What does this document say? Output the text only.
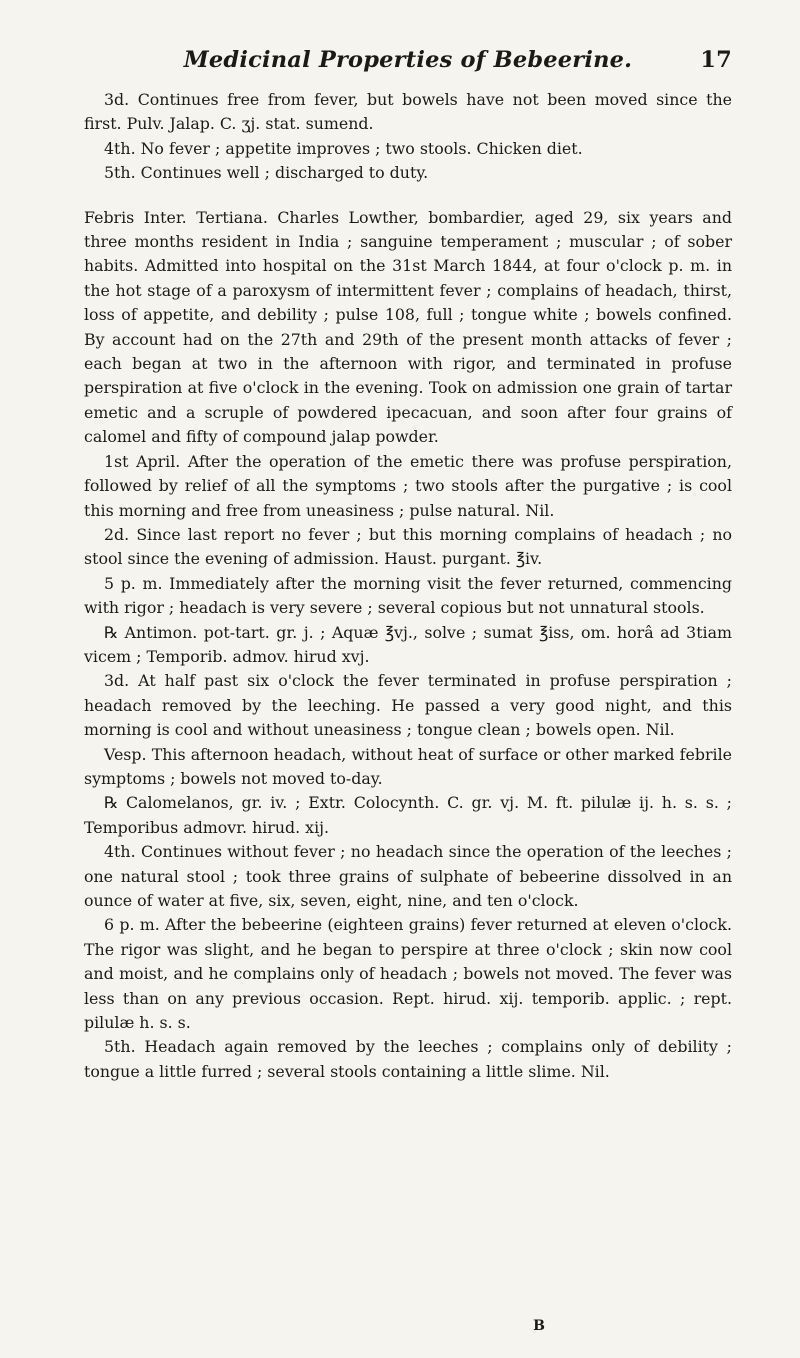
Medicinal Properties of Bebeerine.	17

3d. Continues free from fever, but bowels have not been moved since the first. Pulv. Jalap. C. ʒj. stat. sumend.

4th. No fever ; appetite improves ; two stools. Chicken diet.

5th. Continues well ; discharged to duty.

Febris Inter. Tertiana. Charles Lowther, bombardier, aged 29, six years and three months resident in India ; sanguine temperament ; muscular ; of sober habits. Admitted into hospital on the 31st March 1844, at four o'clock p. m. in the hot stage of a paroxysm of intermittent fever ; complains of headach, thirst, loss of appetite, and debility ; pulse 108, full ; tongue white ; bowels confined. By account had on the 27th and 29th of the present month attacks of fever ; each began at two in the afternoon with rigor, and terminated in profuse perspiration at five o'clock in the evening. Took on admission one grain of tartar emetic and a scruple of powdered ipecacuan, and soon after four grains of calomel and fifty of compound jalap powder.

1st April. After the operation of the emetic there was profuse perspiration, followed by relief of all the symptoms ; two stools after the purgative ; is cool this morning and free from uneasiness ; pulse natural. Nil.

2d. Since last report no fever ; but this morning complains of headach ; no stool since the evening of admission. Haust. purgant. ℥iv.

5 p. m. Immediately after the morning visit the fever returned, commencing with rigor ; headach is very severe ; several copious but not unnatural stools.

℞ Antimon. pot-tart. gr. j. ; Aquæ ℥vj., solve ; sumat ℥iss, om. horâ ad 3tiam vicem ; Temporib. admov. hirud xvj.

3d. At half past six o'clock the fever terminated in profuse perspiration ; headach removed by the leeching. He passed a very good night, and this morning is cool and without uneasiness ; tongue clean ; bowels open. Nil.

Vesp. This afternoon headach, without heat of surface or other marked febrile symptoms ; bowels not moved to-day.

℞ Calomelanos, gr. iv. ; Extr. Colocynth. C. gr. vj. M. ft. pilulæ ij. h. s. s. ; Temporibus admovr. hirud. xij.

4th. Continues without fever ; no headach since the operation of the leeches ; one natural stool ; took three grains of sulphate of bebeerine dissolved in an ounce of water at five, six, seven, eight, nine, and ten o'clock.

6 p. m. After the bebeerine (eighteen grains) fever returned at eleven o'clock. The rigor was slight, and he began to perspire at three o'clock ; skin now cool and moist, and he complains only of headach ; bowels not moved. The fever was less than on any previous occasion. Rept. hirud. xij. temporib. applic. ; rept. pilulæ h. s. s.

5th. Headach again removed by the leeches ; complains only of debility ; tongue a little furred ; several stools containing a little slime. Nil.

B
